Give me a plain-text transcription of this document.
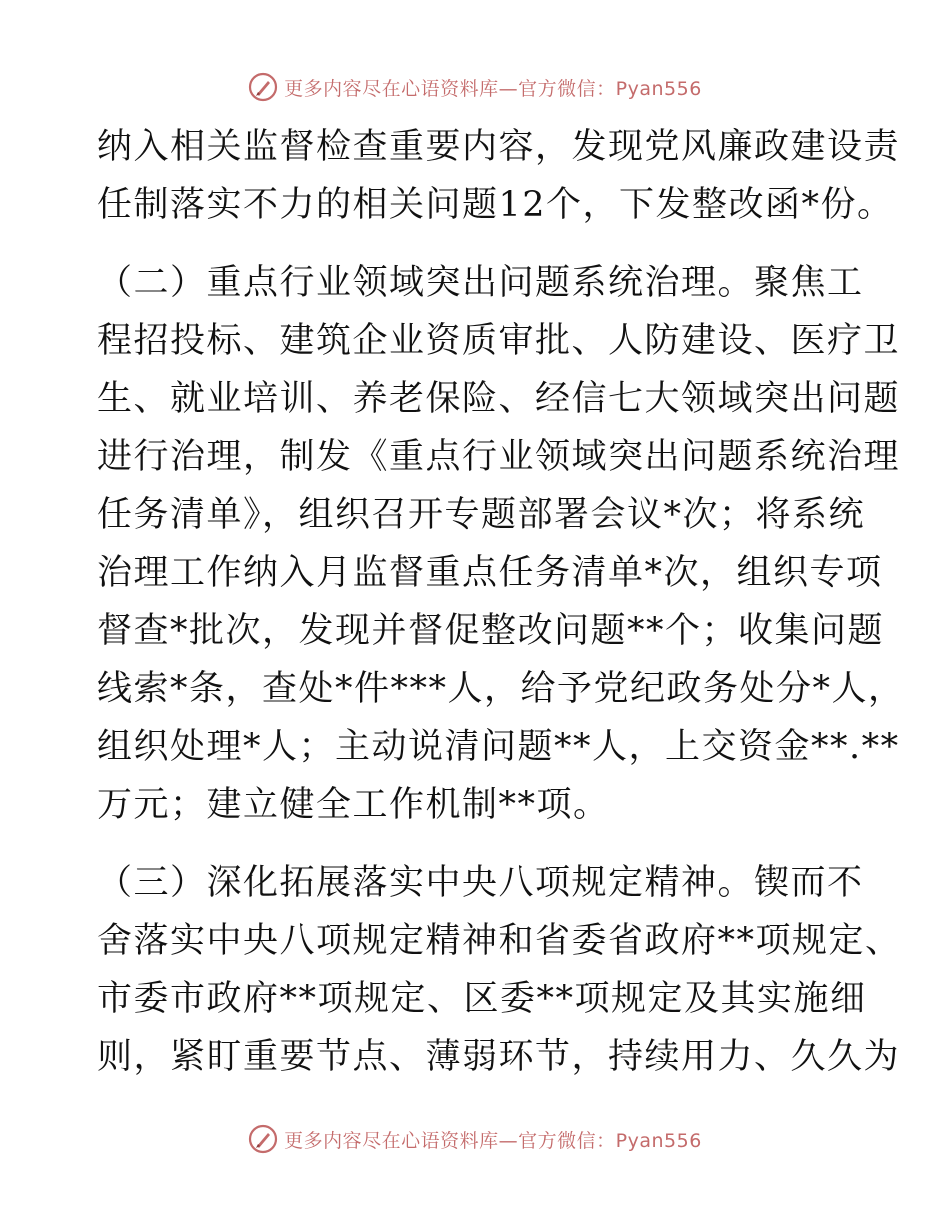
更多内容尽在心语资料库—官方微信：Pyan556
纳入相关监督检查重要内容，发现党风廉政建设责
任制落实不力的相关问题12个，下发整改函*份。
（二）重点行业领域突出问题系统治理。聚焦工
程招投标、建筑企业资质审批、人防建设、医疗卫
生、就业培训、养老保险、经信七大领域突出问题
进行治理，制发《重点行业领域突出问题系统治理
任务清单》，组织召开专题部署会议*次；将系统
治理工作纳入月监督重点任务清单*次，组织专项
督查*批次，发现并督促整改问题**个；收集问题
线索*条，查处*件***人，给予党纪政务处分*人，
组织处理*人；主动说清问题**人，上交资金**.**
万元；建立健全工作机制**项。
（三）深化拓展落实中央八项规定精神。锲而不
舍落实中央八项规定精神和省委省政府**项规定、
市委市政府**项规定、区委**项规定及其实施细
则，紧盯重要节点、薄弱环节，持续用力、久久为
更多内容尽在心语资料库—官方微信：Pyan556
